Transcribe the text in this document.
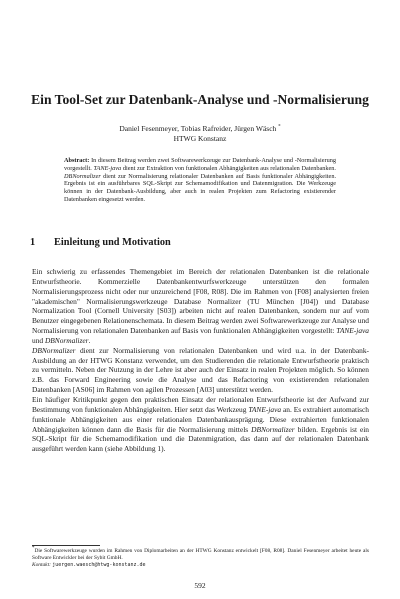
Ein Tool-Set zur Datenbank-Analyse und -Normalisierung
Daniel Fesenmeyer, Tobias Rafreider, Jürgen Wäsch *
HTWG Konstanz
Abstract: In diesem Beitrag werden zwei Softwarewerkzeuge zur Datenbank-Analyse und -Normalisierung vorgestellt. TANE-java dient zur Extraktion von funktionalen Abhängigkeiten aus relationalen Datenbanken. DBNormalizer dient zur Normalisierung relationaler Datenbanken auf Basis funktionaler Abhängigkeiten. Ergebnis ist ein ausführbares SQL-Skript zur Schemamodifikation und Datenmigration. Die Werkzeuge können in der Datenbank-Ausbildung, aber auch in realen Projekten zum Refactoring existierender Datenbanken eingesetzt werden.
1 Einleitung und Motivation

Ein schwierig zu erfassendes Themengebiet im Bereich der relationalen Datenbanken ist die relationale Entwurfstheorie. Kommerzielle Datenbankentwurfswerkzeuge unterstützen den formalen Normalisierungsprozess nicht oder nur unzureichend [F08, R08]. Die im Rahmen von [F08] analysierten freien "akademischen" Normalisierungswerkzeuge Database Normalizer (TU München [J04]) und Database Normalization Tool (Cornell University [S03]) arbeiten nicht auf realen Datenbanken, sondern nur auf vom Benutzer eingegebenen Relationenschemata. In diesem Beitrag werden zwei Softwarewerkzeuge zur Analyse und Normalisierung von relationalen Datenbanken auf Basis von funktionalen Abhängigkeiten vorgestellt: TANE-java und DBNormalizer.

DBNormalizer dient zur Normalisierung von relationalen Datenbanken und wird u.a. in der Datenbank-Ausbildung an der HTWG Konstanz verwendet, um den Studierenden die relationale Entwurfstheorie praktisch zu vermitteln. Neben der Nutzung in der Lehre ist aber auch der Einsatz in realen Projekten möglich. So können z.B. das Forward Engineering sowie die Analyse und das Refactoring von existierenden relationalen Datenbanken [AS06] im Rahmen von agilen Prozessen [A03] unterstützt werden.

Ein häufiger Kritikpunkt gegen den praktischen Einsatz der relationalen Entwurfstheorie ist der Aufwand zur Bestimmung von funktionalen Abhängigkeiten. Hier setzt das Werkzeug TANE-java an. Es extrahiert automatisch funktionale Abhängigkeiten aus einer relationalen Datenbankausprägung. Diese extrahierten funktionalen Abhängigkeiten können dann die Basis für die Normalisierung mittels DBNormalizer bilden. Ergebnis ist ein SQL-Skript für die Schemamodifikation und die Datenmigration, das dann auf der relationalen Datenbank ausgeführt werden kann (siehe Abbildung 1).

*Die Softwarewerkzeuge wurden im Rahmen von Diplomarbeiten an der HTWG Konstanz entwickelt [F08, R08]. Daniel Fesenmeyer arbeitet heute als Software Entwickler bei der Sybit GmbH.
Kontakt: juergen.waesch@htwg-konstanz.de
592
